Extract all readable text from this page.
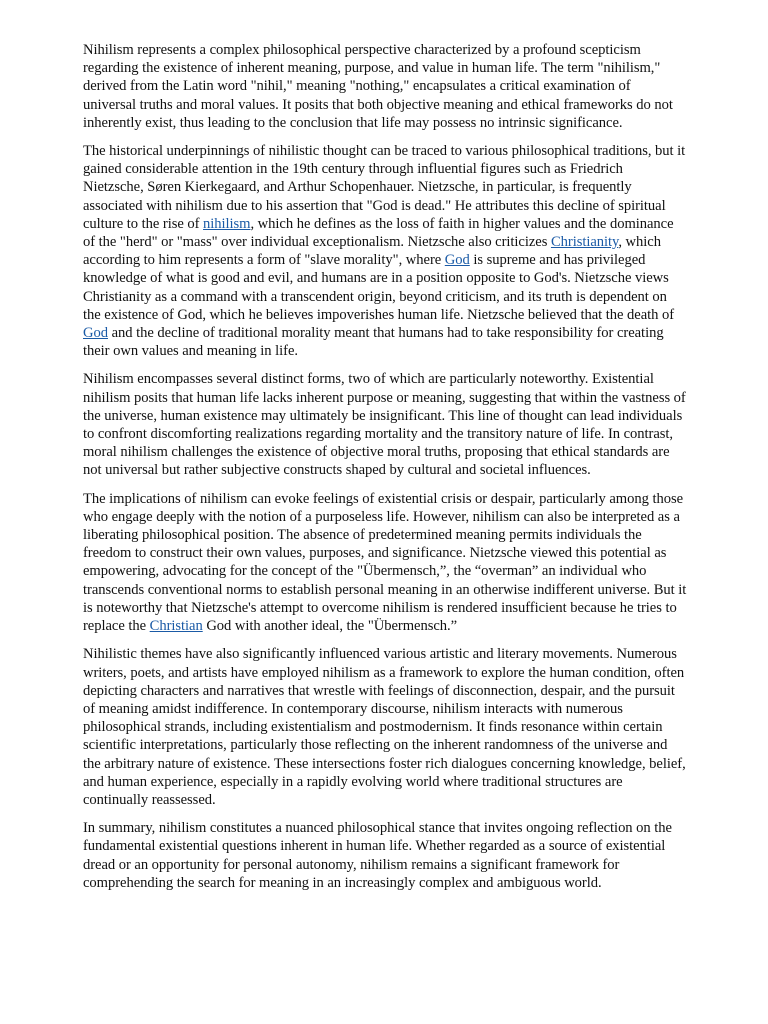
Nihilism represents a complex philosophical perspective characterized by a profound scepticism regarding the existence of inherent meaning, purpose, and value in human life. The term "nihilism," derived from the Latin word "nihil," meaning "nothing," encapsulates a critical examination of universal truths and moral values. It posits that both objective meaning and ethical frameworks do not inherently exist, thus leading to the conclusion that life may possess no intrinsic significance.

The historical underpinnings of nihilistic thought can be traced to various philosophical traditions, but it gained considerable attention in the 19th century through influential figures such as Friedrich Nietzsche, Søren Kierkegaard, and Arthur Schopenhauer. Nietzsche, in particular, is frequently associated with nihilism due to his assertion that "God is dead." He attributes this decline of spiritual culture to the rise of nihilism, which he defines as the loss of faith in higher values and the dominance of the "herd" or "mass" over individual exceptionalism. Nietzsche also criticizes Christianity, which according to him represents a form of "slave morality", where God is supreme and has privileged knowledge of what is good and evil, and humans are in a position opposite to God's. Nietzsche views Christianity as a command with a transcendent origin, beyond criticism, and its truth is dependent on the existence of God, which he believes impoverishes human life. Nietzsche believed that the death of God and the decline of traditional morality meant that humans had to take responsibility for creating their own values and meaning in life.

Nihilism encompasses several distinct forms, two of which are particularly noteworthy. Existential nihilism posits that human life lacks inherent purpose or meaning, suggesting that within the vastness of the universe, human existence may ultimately be insignificant. This line of thought can lead individuals to confront discomforting realizations regarding mortality and the transitory nature of life. In contrast, moral nihilism challenges the existence of objective moral truths, proposing that ethical standards are not universal but rather subjective constructs shaped by cultural and societal influences.

The implications of nihilism can evoke feelings of existential crisis or despair, particularly among those who engage deeply with the notion of a purposeless life. However, nihilism can also be interpreted as a liberating philosophical position. The absence of predetermined meaning permits individuals the freedom to construct their own values, purposes, and significance. Nietzsche viewed this potential as empowering, advocating for the concept of the "Übermensch,”, the “overman” an individual who transcends conventional norms to establish personal meaning in an otherwise indifferent universe. But it is noteworthy that Nietzsche's attempt to overcome nihilism is rendered insufficient because he tries to replace the Christian God with another ideal, the "Übermensch.”

Nihilistic themes have also significantly influenced various artistic and literary movements. Numerous writers, poets, and artists have employed nihilism as a framework to explore the human condition, often depicting characters and narratives that wrestle with feelings of disconnection, despair, and the pursuit of meaning amidst indifference. In contemporary discourse, nihilism interacts with numerous philosophical strands, including existentialism and postmodernism. It finds resonance within certain scientific interpretations, particularly those reflecting on the inherent randomness of the universe and the arbitrary nature of existence. These intersections foster rich dialogues concerning knowledge, belief, and human experience, especially in a rapidly evolving world where traditional structures are continually reassessed.

In summary, nihilism constitutes a nuanced philosophical stance that invites ongoing reflection on the fundamental existential questions inherent in human life. Whether regarded as a source of existential dread or an opportunity for personal autonomy, nihilism remains a significant framework for comprehending the search for meaning in an increasingly complex and ambiguous world.
